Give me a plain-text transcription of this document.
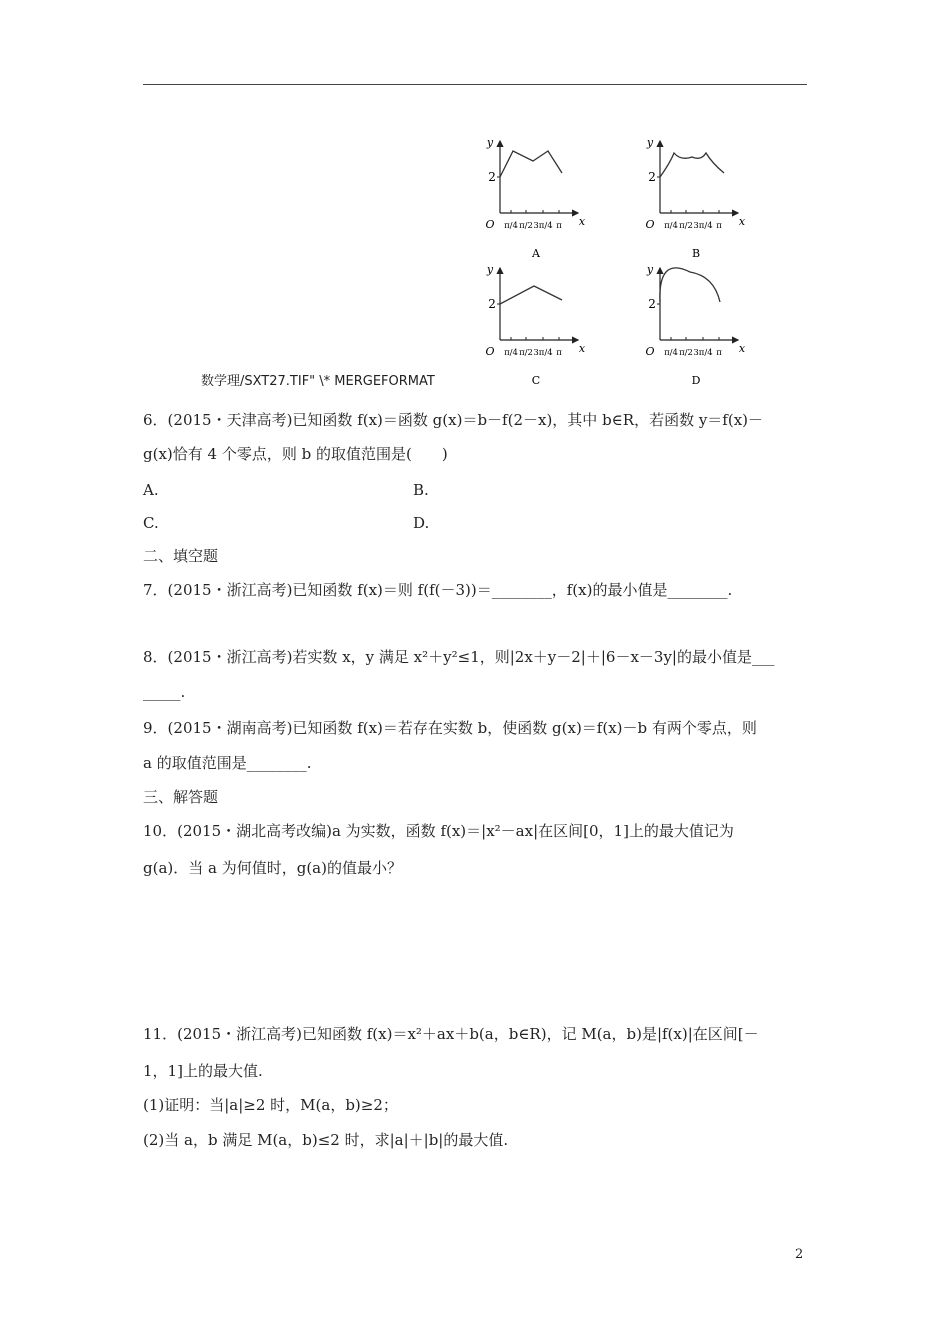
y
x
O
2
π/4 π/2 3π/4 π
A
y
x
O
2
π/4 π/2 3π/4 π
B
y
x
O
2
π/4 π/2 3π/4 π
C
y
x
O
2
π/4 π/2 3π/4 π
D
数学理/SXT27.TIF" \* MERGEFORMAT
6．(2015・天津高考)已知函数 f(x)＝函数 g(x)＝b－f(2－x)，其中 b∈R，若函数 y＝f(x)－
g(x)恰有 4 个零点，则 b 的取值范围是(　　)
A.	B.
C.	D.
二、填空题
7．(2015・浙江高考)已知函数 f(x)＝则 f(f(－3))＝________，f(x)的最小值是________.
8．(2015・浙江高考)若实数 x，y 满足 x²＋y²≤1，则|2x＋y－2|＋|6－x－3y|的最小值是___
_____.
9．(2015・湖南高考)已知函数 f(x)＝若存在实数 b，使函数 g(x)＝f(x)－b 有两个零点，则
a 的取值范围是________.
三、解答题
10．(2015・湖北高考改编)a 为实数，函数 f(x)＝|x²－ax|在区间[0，1]上的最大值记为
g(a)．当 a 为何值时，g(a)的值最小？
11．(2015・浙江高考)已知函数 f(x)＝x²＋ax＋b(a，b∈R)，记 M(a，b)是|f(x)|在区间[－
1，1]上的最大值.
(1)证明：当|a|≥2 时，M(a，b)≥2；
(2)当 a，b 满足 M(a，b)≤2 时，求|a|＋|b|的最大值.
2
